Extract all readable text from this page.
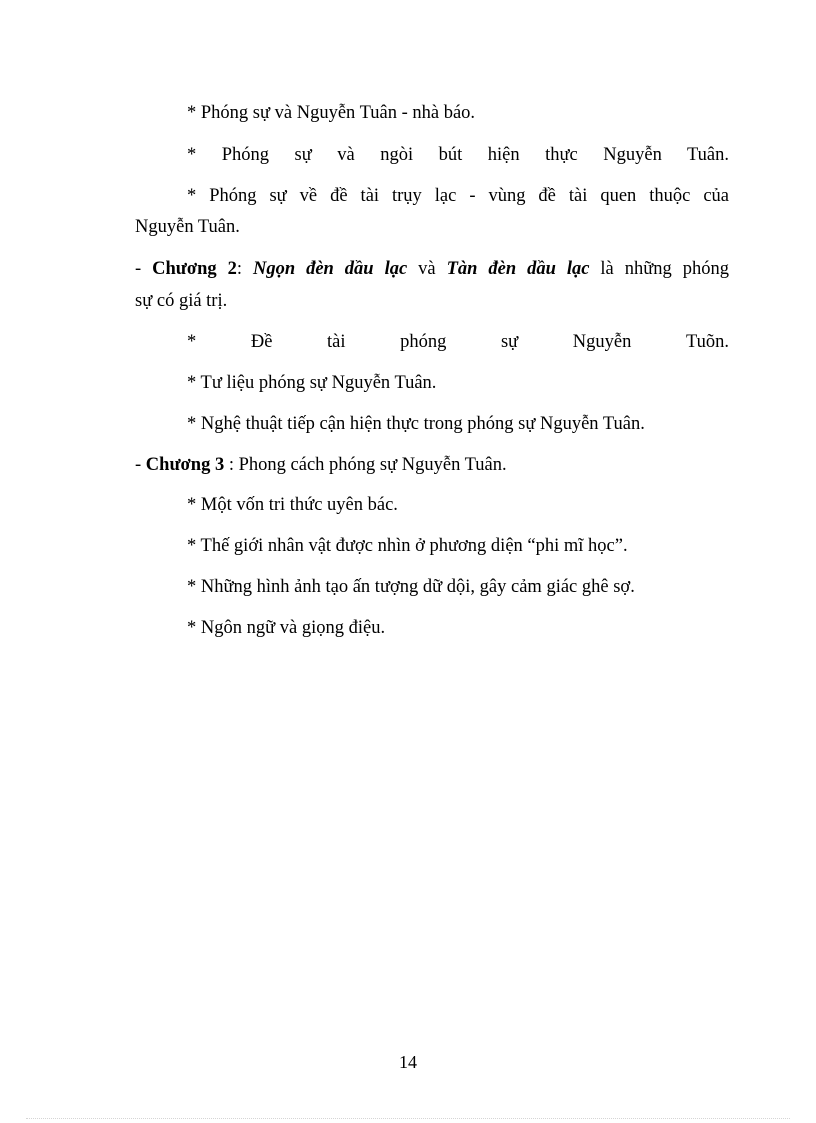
* Phóng sự và Nguyễn Tuân - nhà báo.
* Phóng sự và ngòi bút hiện thực Nguyễn Tuân.
* Phóng sự về đề tài trụy lạc - vùng đề tài quen thuộc của
Nguyễn Tuân.
- Chương 2: Ngọn đèn dầu lạc và Tàn đèn dầu lạc là những phóng
sự có giá trị.
*	Đề	tài	phóng	sự	Nguyễn	Tuõn.
* Tư liệu phóng sự Nguyễn Tuân.
* Nghệ thuật tiếp cận hiện thực trong phóng sự Nguyễn Tuân.
- Chương 3 : Phong cách phóng sự Nguyễn Tuân.
* Một vốn tri thức uyên bác.
* Thế giới nhân vật được nhìn ở phương diện “phi mĩ học”.
* Những hình ảnh tạo ấn tượng dữ dội, gây cảm giác ghê sợ.
* Ngôn ngữ và giọng điệu.
14
